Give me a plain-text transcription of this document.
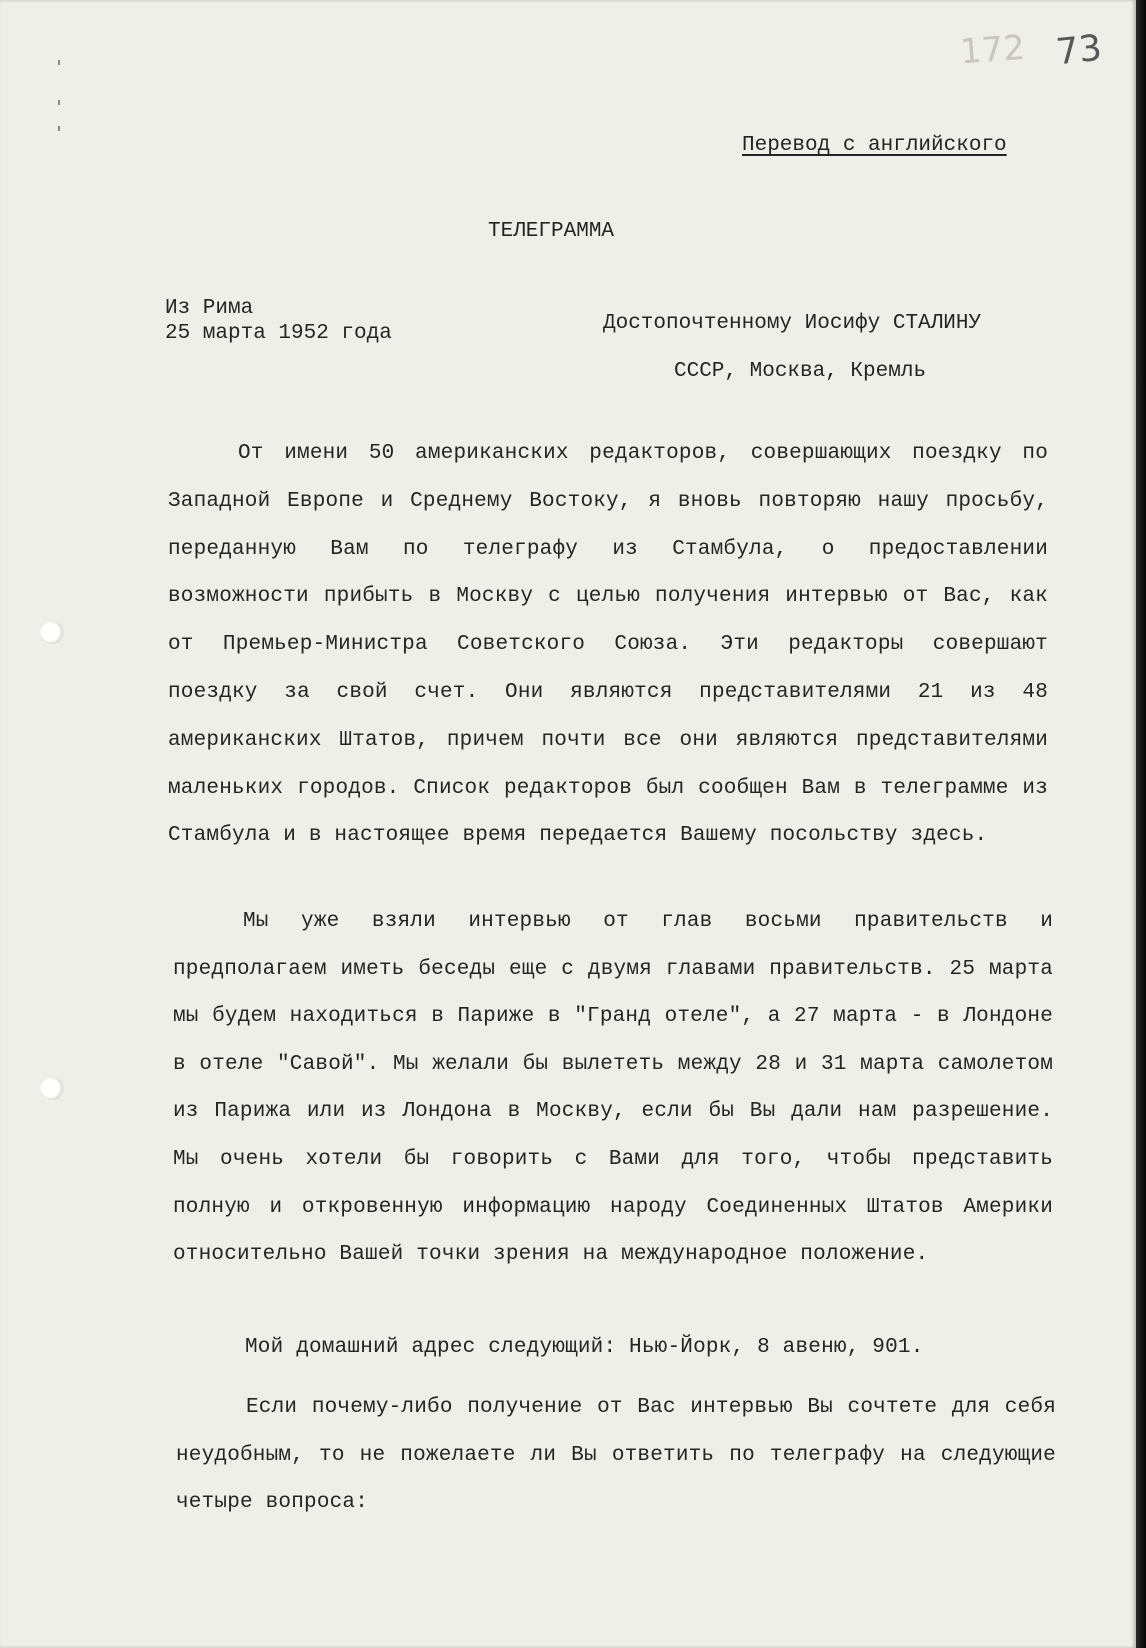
172 73

Перевод с английского

ТЕЛЕГРАММА
Из Рима
25 марта 1952 года	Достопочтенному Иосифу СТАЛИНУ
СССР, Москва, Кремль

От имени 50 американских редакторов, совершающих поездку по Западной Европе и Среднему Востоку, я вновь повторяю нашу просьбу, переданную Вам по телеграфу из Стамбула, о предоставлении возможности прибыть в Москву с целью получения интервью от Вас, как от Премьер-Министра Советского Союза. Эти редакторы совершают поездку за свой счет. Они являются представителями 21 из 48 американских Штатов, причем почти все они являются представителями маленьких городов. Список редакторов был сообщен Вам в телеграмме из Стамбула и в настоящее время передается Вашему посольству здесь.

Мы уже взяли интервью от глав восьми правительств и предполагаем иметь беседы еще с двумя главами правительств. 25 марта мы будем находиться в Париже в "Гранд отеле", а 27 марта - в Лондоне в отеле "Савой". Мы желали бы вылететь между 28 и 31 марта самолетом из Парижа или из Лондона в Москву, если бы Вы дали нам разрешение. Мы очень хотели бы говорить с Вами для того, чтобы представить полную и откровенную информацию народу Соединенных Штатов Америки относительно Вашей точки зрения на международное положение.

Мой домашний адрес следующий: Нью-Йорк, 8 авеню, 901.

Если почему-либо получение от Вас интервью Вы сочтете для себя неудобным, то не пожелаете ли Вы ответить по телеграфу на следующие четыре вопроса:
